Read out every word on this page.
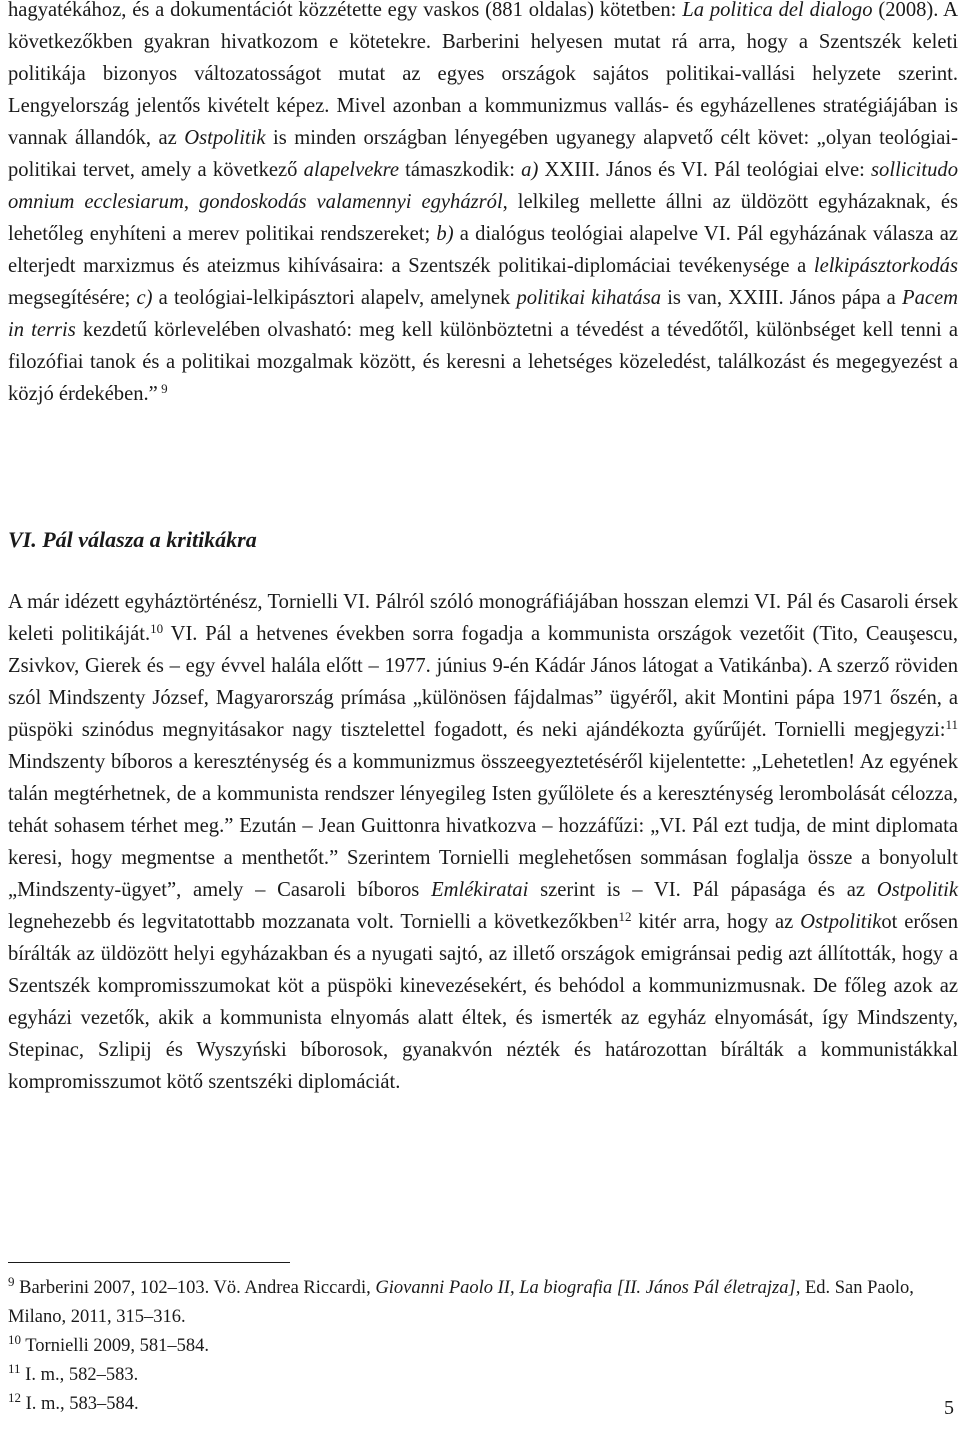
hagyatékához, és a dokumentációt közzétette egy vaskos (881 oldalas) kötetben: La politica del dialogo (2008). A következőkben gyakran hivatkozom e kötetekre. Barberini helyesen mutat rá arra, hogy a Szentszék keleti politikája bizonyos változatosságot mutat az egyes országok sajátos politikai-vallási helyzete szerint. Lengyelország jelentős kivételt képez. Mivel azonban a kommunizmus vallás- és egyházellenes stratégiájában is vannak állandók, az Ostpolitik is minden országban lényegében ugyanegy alapvető célt követ: „olyan teológiai-politikai tervet, amely a következő alapelvekre támaszkodik: a) XXIII. János és VI. Pál teológiai elve: sollicitudo omnium ecclesiarum, gondoskodás valamennyi egyházról, lelkileg mellette állni az üldözött egyházaknak, és lehetőleg enyhíteni a merev politikai rendszereket; b) a dialógus teológiai alapelve VI. Pál egyházának válasza az elterjedt marxizmus és ateizmus kihívásaira: a Szentszék politikai-diplomáciai tevékenysége a lelkipásztorkodás megsegítésére; c) a teológiai-lelkipásztori alapelv, amelynek politikai kihatása is van, XXIII. János pápa a Pacem in terris kezdetű körlevelében olvasható: meg kell különböztetni a tévedést a tévedőtől, különbséget kell tenni a filozófiai tanok és a politikai mozgalmak között, és keresni a lehetséges közeledést, találkozást és megegyezést a közjó érdekében.” $^9$

VI. Pál válasza a kritikákra

A már idézett egyháztörténész, Tornielli VI. Pálról szóló monográfiájában hosszan elemzi VI. Pál és Casaroli érsek keleti politikáját.$^{10}$ VI. Pál a hetvenes években sorra fogadja a kommunista országok vezetőit (Tito, Ceauşescu, Zsivkov, Gierek és – egy évvel halála előtt – 1977. június 9-én Kádár János látogat a Vatikánba). A szerző röviden szól Mindszenty József, Magyarország prímása „különösen fájdalmas” ügyéről, akit Montini pápa 1971 őszén, a püspöki szinódus megnyitásakor nagy tisztelettel fogadott, és neki ajándékozta gyűrűjét. Tornielli megjegyzi:$^{11}$ Mindszenty bíboros a kereszténység és a kommunizmus összeegyeztetéséről kijelentette: „Lehetetlen! Az egyének talán megtérhetnek, de a kommunista rendszer lényegileg Isten gyűlölete és a kereszténység lerombolását célozza, tehát sohasem térhet meg.” Ezután – Jean Guittonra hivatkozva – hozzáfűzi: „VI. Pál ezt tudja, de mint diplomata keresi, hogy megmentse a menthetőt.” Szerintem Tornielli meglehetősen sommásan foglalja össze a bonyolult „Mindszenty-ügyet”, amely – Casaroli bíboros Emlékiratai szerint is – VI. Pál pápasága és az Ostpolitik legnehezebb és legvitatottabb mozzanata volt. Tornielli a következőkben$^{12}$ kitér arra, hogy az Ostpolitikot erősen bírálták az üldözött helyi egyházakban és a nyugati sajtó, az illető országok emigránsai pedig azt állították, hogy a Szentszék kompromisszumokat köt a püspöki kinevezésekért, és behódol a kommunizmusnak. De főleg azok az egyházi vezetők, akik a kommunista elnyomás alatt éltek, és ismerték az egyház elnyomását, így Mindszenty, Stepinac, Szlipij és Wyszyński bíborosok, gyanakvón nézték és határozottan bírálták a kommunistákkal kompromisszumot kötő szentszéki diplomáciát.

$^9$ Barberini 2007, 102–103. Vö. Andrea Riccardi, Giovanni Paolo II, La biografia [II. János Pál életrajza], Ed. San Paolo, Milano, 2011, 315–316.

$^{10}$ Tornielli 2009, 581–584.

$^{11}$ I. m., 582–583.

$^{12}$ I. m., 583–584.	5
